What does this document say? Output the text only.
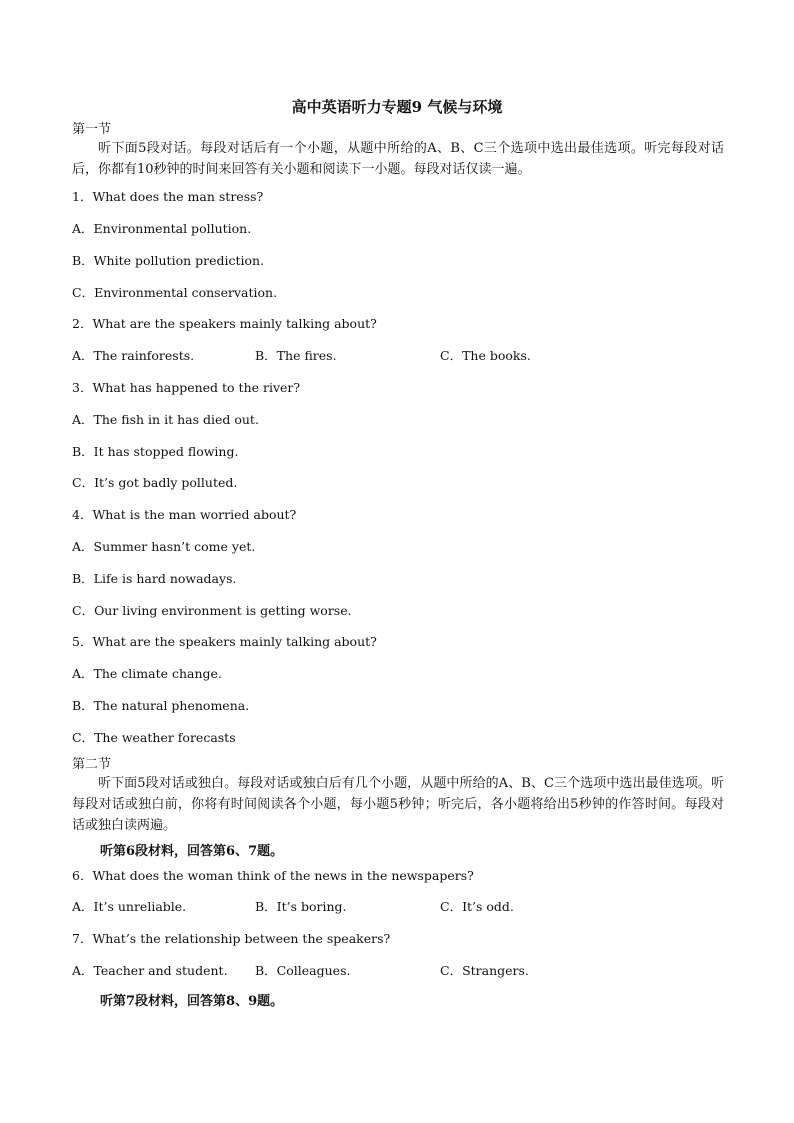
高中英语听力专题9 气候与环境
第一节
听下面5段对话。每段对话后有一个小题，从题中所给的A、B、C三个选项中选出最佳选项。听完每段对话后，你都有10秒钟的时间来回答有关小题和阅读下一小题。每段对话仅读一遍。
1．What does the man stress?
A．Environmental pollution.
B．White pollution prediction.
C．Environmental conservation.
2．What are the speakers mainly talking about?
A．The rainforests.	B．The fires.	C．The books.
3．What has happened to the river?
A．The fish in it has died out.
B．It has stopped flowing.
C．It’s got badly polluted.
4．What is the man worried about?
A．Summer hasn’t come yet.
B．Life is hard nowadays.
C．Our living environment is getting worse.
5．What are the speakers mainly talking about?
A．The climate change.
B．The natural phenomena.
C．The weather forecasts
第二节
听下面5段对话或独白。每段对话或独白后有几个小题，从题中所给的A、B、C三个选项中选出最佳选项。听每段对话或独白前，你将有时间阅读各个小题，每小题5秒钟；听完后，各小题将给出5秒钟的作答时间。每段对话或独白读两遍。
听第6段材料，回答第6、7题。
6．What does the woman think of the news in the newspapers?
A．It’s unreliable.	B．It’s boring.	C．It’s odd.
7．What’s the relationship between the speakers?
A．Teacher and student. B．Colleagues.	C．Strangers.
听第7段材料，回答第8、9题。
